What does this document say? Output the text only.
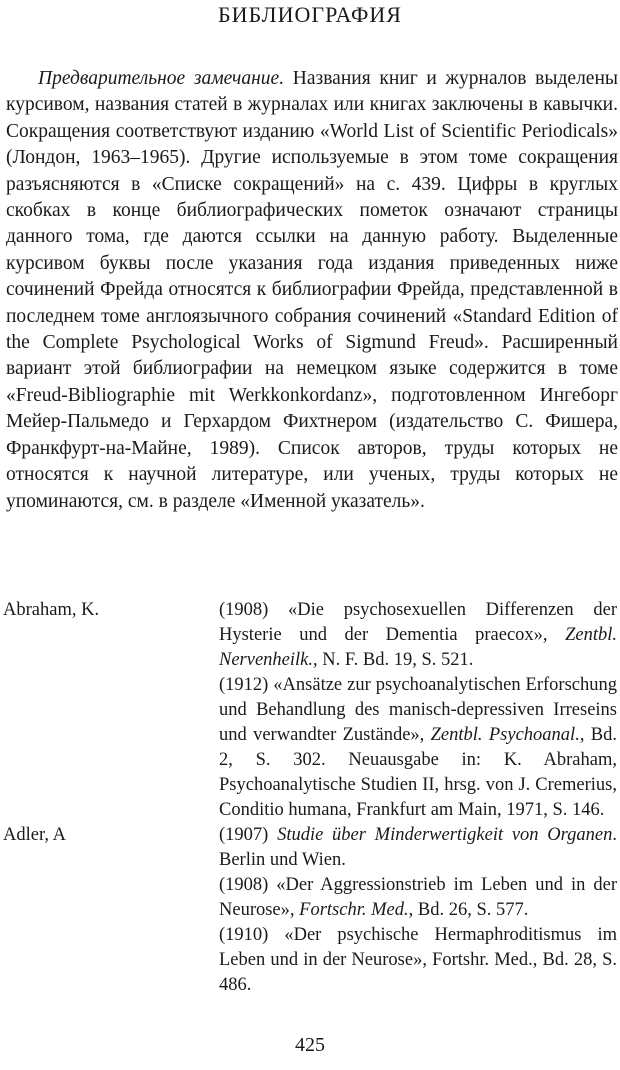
БИБЛИОГРАФИЯ

Предварительное замечание. Названия книг и журналов выделены курсивом, названия статей в журналах или книгах заключены в кавычки. Сокращения соответствуют изданию «World List of Scientific Periodicals» (Лондон, 1963–1965). Другие используемые в этом томе сокращения разъясняются в «Списке сокращений» на с. 439. Цифры в круглых скобках в конце библиографических пометок означают страницы данного тома, где даются ссылки на данную работу. Выделенные курсивом буквы после указания года издания приведенных ниже сочинений Фрейда относятся к библиографии Фрейда, представленной в последнем томе англоязычного собрания сочинений «Standard Edition of the Complete Psychological Works of Sigmund Freud». Расширенный вариант этой библиографии на немецком языке содержится в томе «Freud-Bibliographie mit Werkkonkordanz», подготовленном Ингеборг Мейер-Пальмедо и Герхардом Фихтнером (издательство С. Фишера, Франкфурт-на-Майне, 1989). Список авторов, труды которых не относятся к научной литературе, или ученых, труды которых не упоминаются, см. в разделе «Именной указатель».

Abraham, K.	(1908) «Die psychosexuellen Differenzen der Hysterie und der Dementia praecox», Zentbl. Nervenheilk., N. F. Bd. 19, S. 521.

(1912) «Ansätze zur psychoanalytischen Erforschung und Behandlung des manisch-depressiven Irreseins und verwandter Zustände», Zentbl. Psychoanal., Bd. 2, S. 302. Neuausgabe in: K. Abraham, Psychoanalytische Studien II, hrsg. von J. Cremerius, Conditio humana, Frankfurt am Main, 1971, S. 146.

Adler, A	(1907) Studie über Minderwertigkeit von Organen. Berlin und Wien.

(1908) «Der Aggressionstrieb im Leben und in der Neurose», Fortschr. Med., Bd. 26, S. 577.

(1910) «Der psychische Hermaphroditismus im Leben und in der Neurose», Fortshr. Med., Bd. 28, S. 486.

425
